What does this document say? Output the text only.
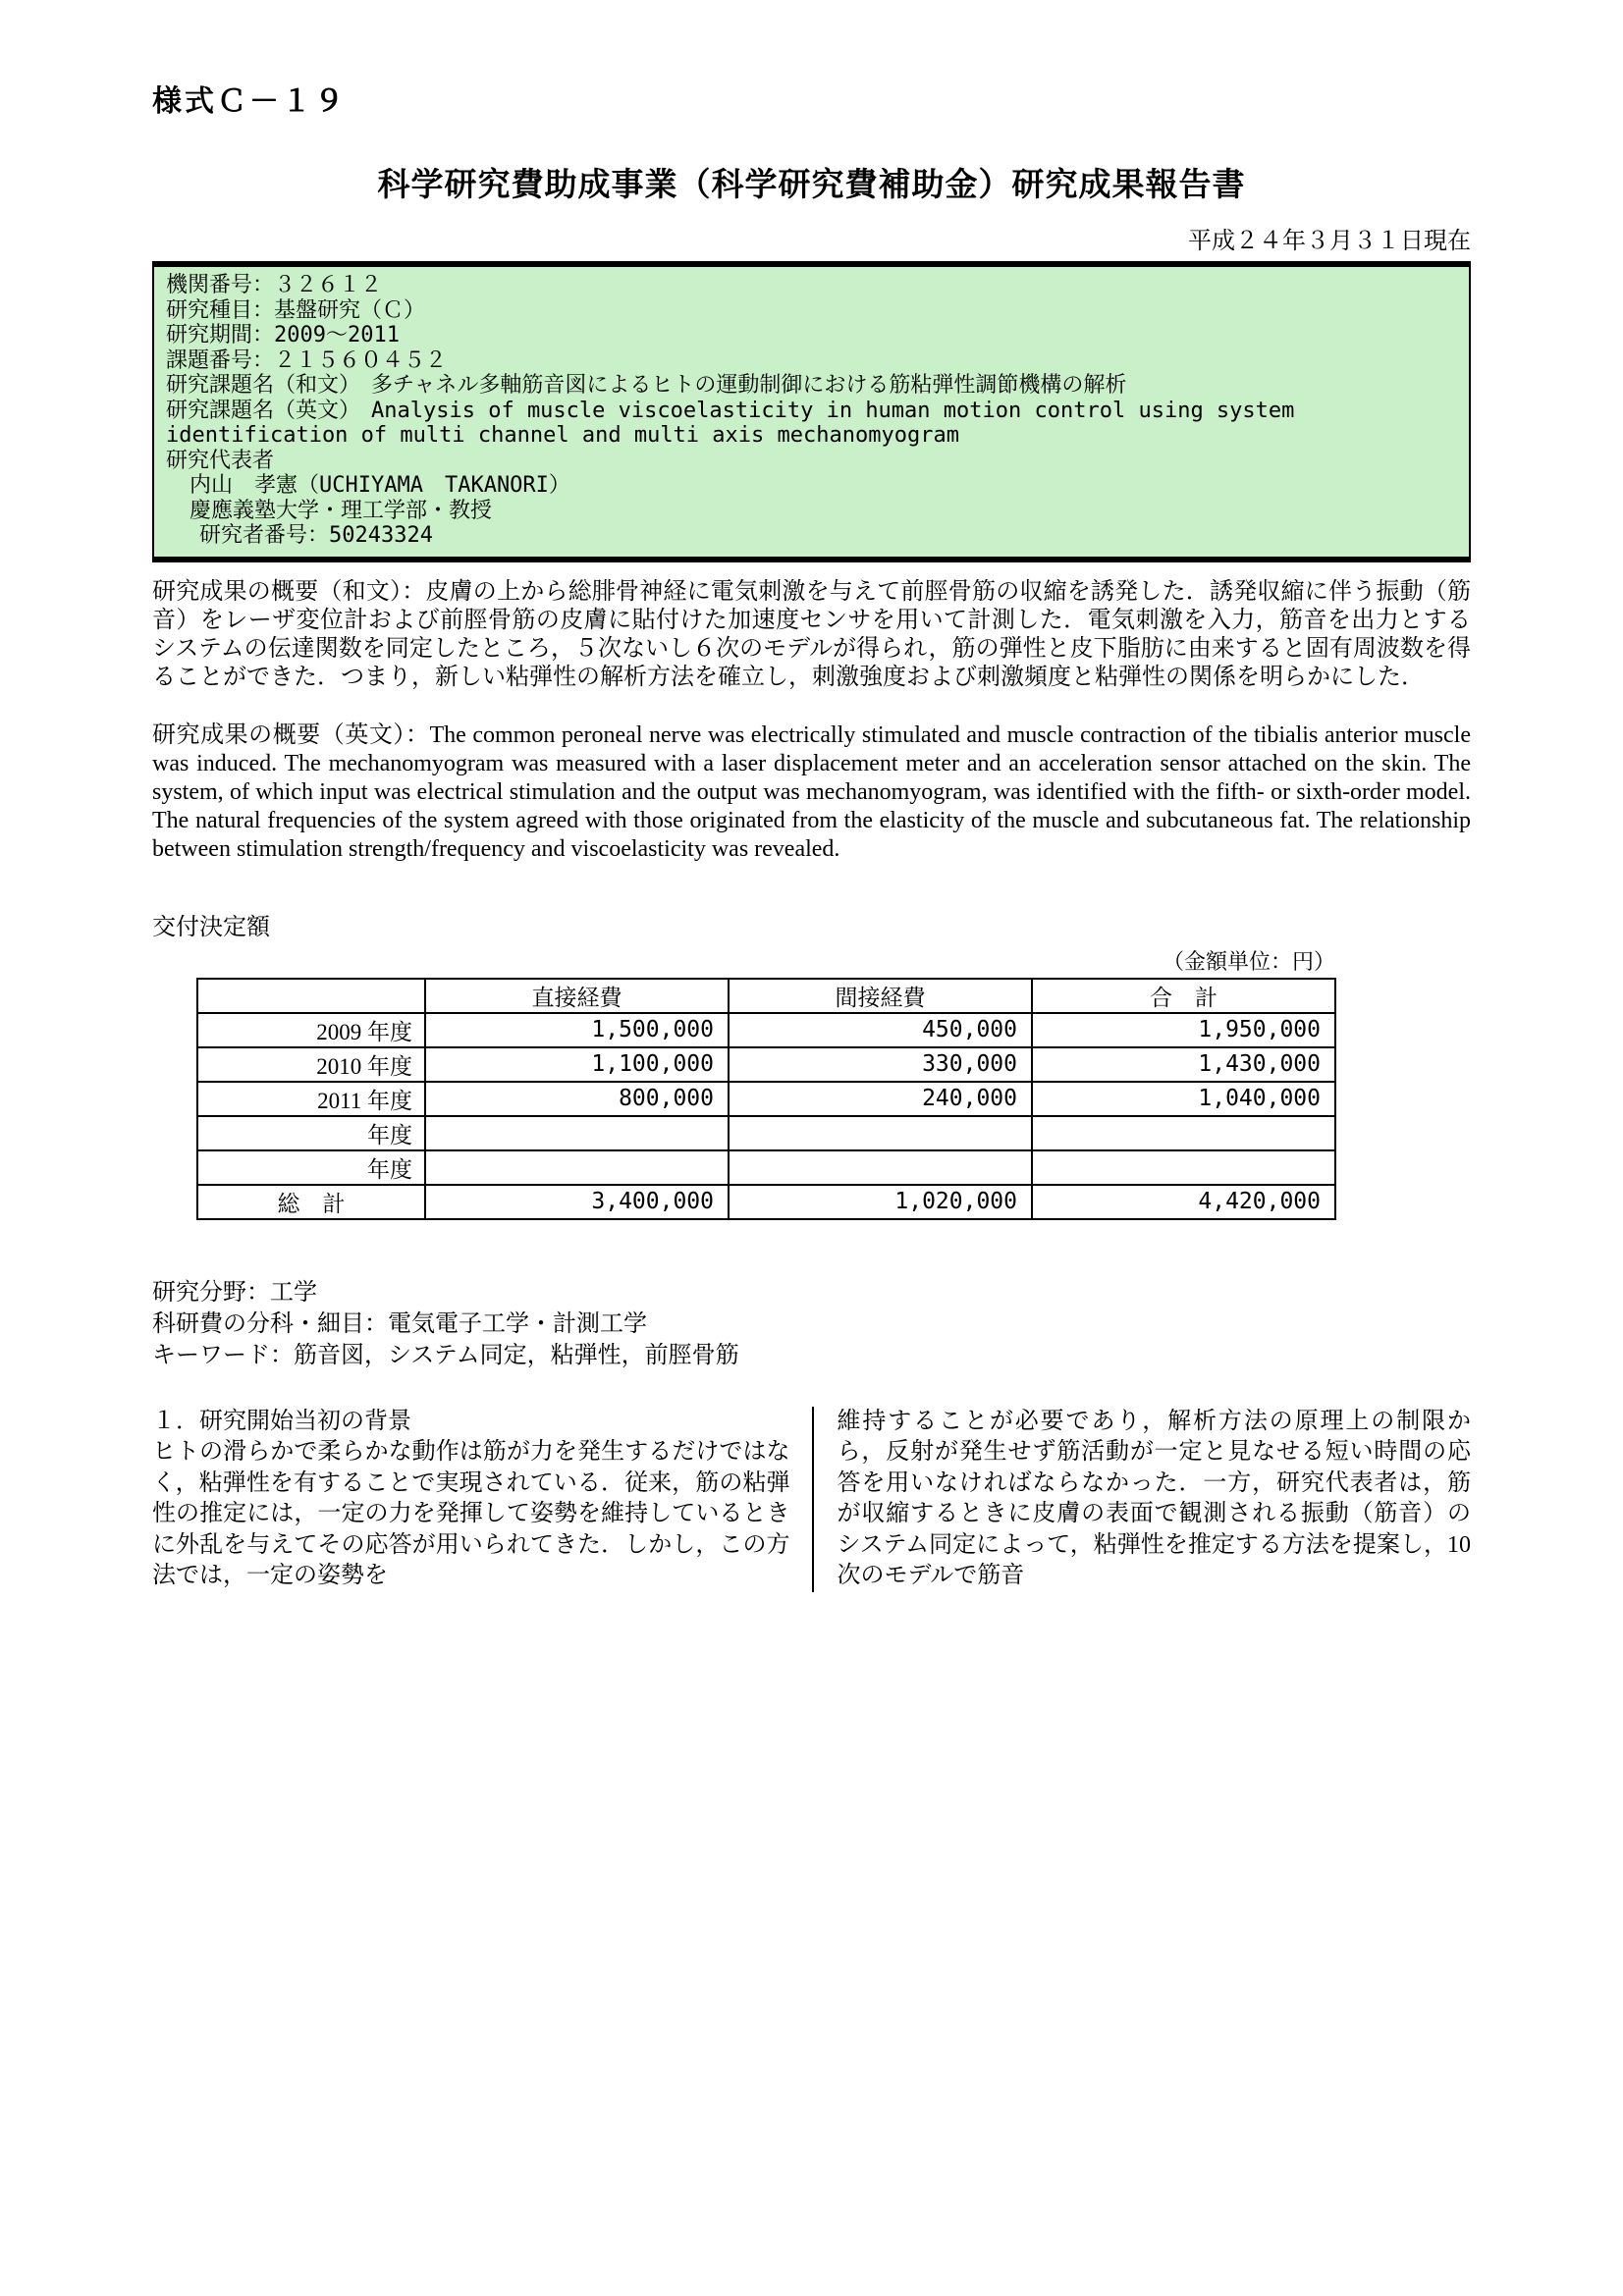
様式Ｃ－１９
科学研究費助成事業（科学研究費補助金）研究成果報告書
平成２４年３月３１日現在
機関番号：３２６１２
研究種目：基盤研究（Ｃ）
研究期間：2009～2011
課題番号：２１５６０４５２
研究課題名（和文）　多チャネル多軸筋音図によるヒトの運動制御における筋粘弾性調節機構の解析
研究課題名（英文）　Analysis of muscle viscoelasticity in human motion control using system identification of multi channel and multi axis mechanomyogram
研究代表者
内山　孝憲（UCHIYAMA　TAKANORI）
慶應義塾大学・理工学部・教授
研究者番号：50243324
研究成果の概要（和文）：皮膚の上から総腓骨神経に電気刺激を与えて前脛骨筋の収縮を誘発した．誘発収縮に伴う振動（筋音）をレーザ変位計および前脛骨筋の皮膚に貼付けた加速度センサを用いて計測した．電気刺激を入力，筋音を出力とするシステムの伝達関数を同定したところ，５次ないし６次のモデルが得られ，筋の弾性と皮下脂肪に由来すると固有周波数を得ることができた．つまり，新しい粘弾性の解析方法を確立し，刺激強度および刺激頻度と粘弾性の関係を明らかにした．
研究成果の概要（英文）：The common peroneal nerve was electrically stimulated and muscle contraction of the tibialis anterior muscle was induced. The mechanomyogram was measured with a laser displacement meter and an acceleration sensor attached on the skin. The system, of which input was electrical stimulation and the output was mechanomyogram, was identified with the fifth- or sixth-order model. The natural frequencies of the system agreed with those originated from the elasticity of the muscle and subcutaneous fat. The relationship between stimulation strength/frequency and viscoelasticity was revealed.
交付決定額
（金額単位：円）
	直接経費	間接経費	合　計
2009 年度	1,500,000	450,000	1,950,000
2010 年度	1,100,000	330,000	1,430,000
2011 年度	800,000	240,000	1,040,000
年度			
年度			
総　計	3,400,000	1,020,000	4,420,000
研究分野：工学
科研費の分科・細目：電気電子工学・計測工学
キーワード：筋音図，システム同定，粘弾性，前脛骨筋
１．研究開始当初の背景
ヒトの滑らかで柔らかな動作は筋が力を発生するだけではなく，粘弾性を有することで実現されている．従来，筋の粘弾性の推定には，一定の力を発揮して姿勢を維持しているときに外乱を与えてその応答が用いられてきた．しかし，この方法では，一定の姿勢を
維持することが必要であり，解析方法の原理上の制限から，反射が発生せず筋活動が一定と見なせる短い時間の応答を用いなければならなかった．一方，研究代表者は，筋が収縮するときに皮膚の表面で観測される振動（筋音）のシステム同定によって，粘弾性を推定する方法を提案し，10 次のモデルで筋音
